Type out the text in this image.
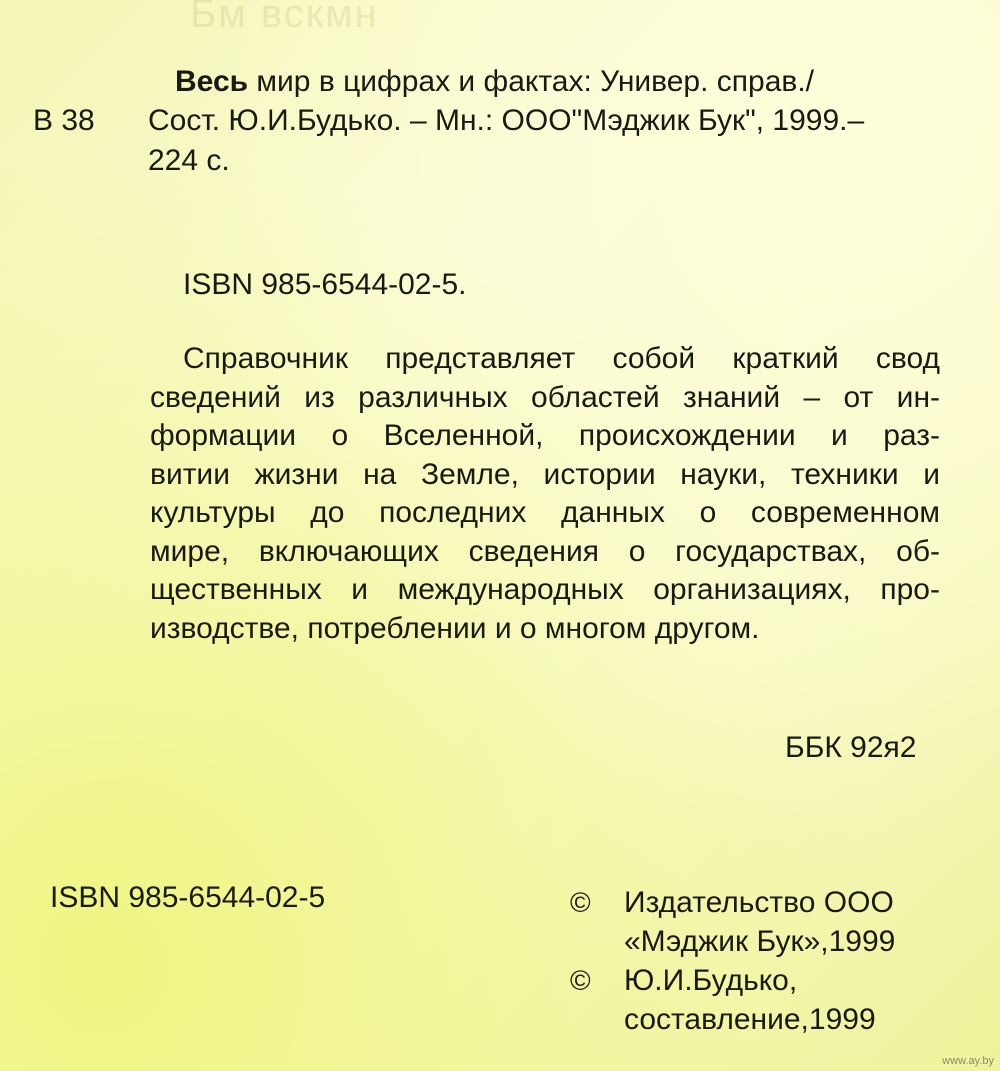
Бм вскмн
В 38
Весь мир в цифрах и фактах: Универ. справ./
Сост. Ю.И.Будько. – Мн.: ООО"Мэджик Бук", 1999.–
224 с.
ISBN 985-6544-02-5.
Справочник представляет собой краткий свод
сведений из различных областей знаний – от ин-
формации о Вселенной, происхождении и раз-
витии жизни на Земле, истории науки, техники и
культуры до последних данных о современном
мире, включающих сведения о государствах, об-
щественных и международных организациях, про-
изводстве, потреблении и о многом другом.
ББК 92я2
ISBN 985-6544-02-5	© Издательство ООО
«Мэджик Бук»,1999
© Ю.И.Будько,
составление,1999
www.ay.by
